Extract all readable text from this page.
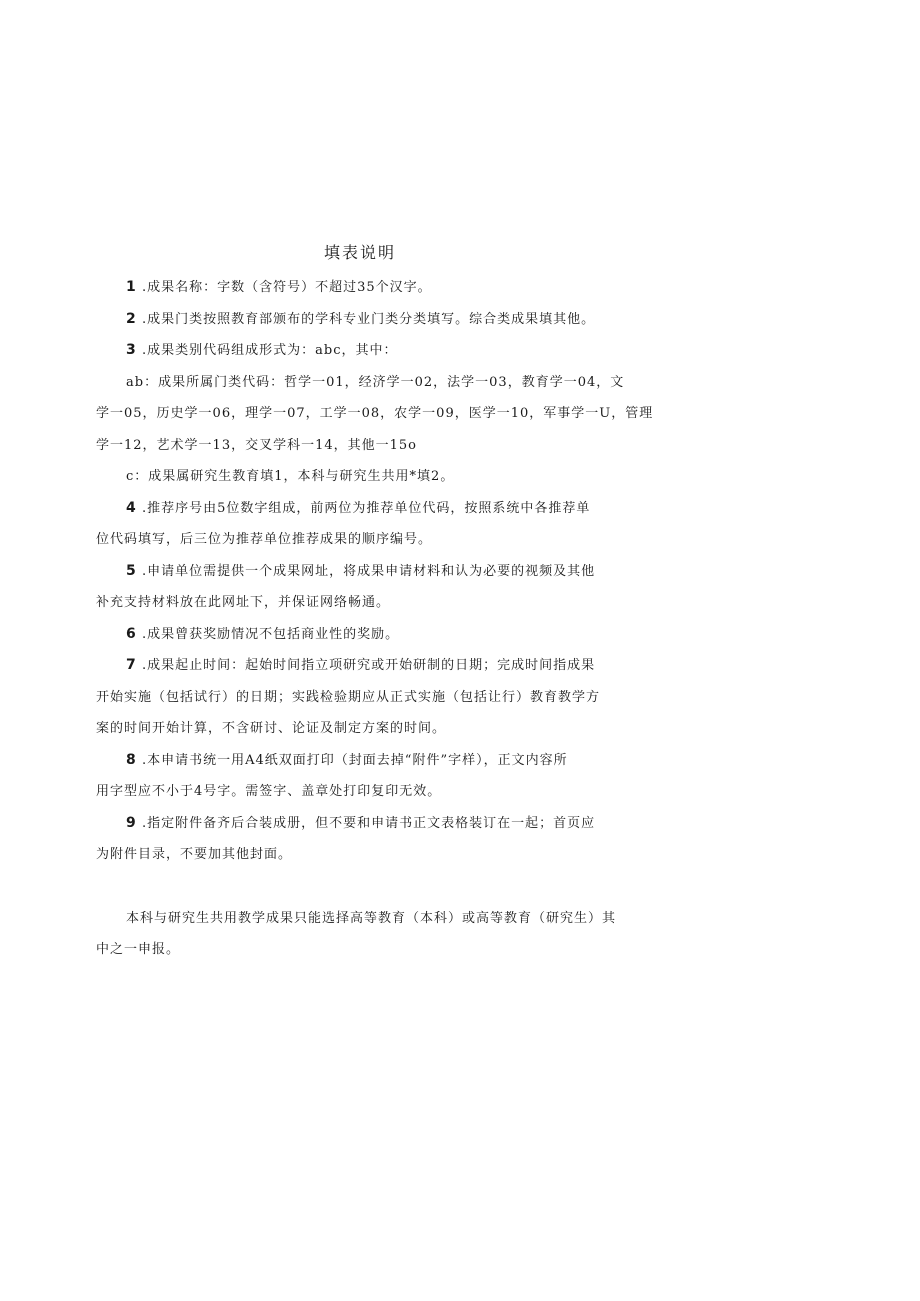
填表说明
1 .成果名称：字数（含符号）不超过35个汉字。
2 .成果门类按照教育部颁布的学科专业门类分类填写。综合类成果填其他。
3 .成果类别代码组成形式为：abc，其中：
ab：成果所属门类代码：哲学一01，经济学一02，法学一03，教育学一04，文
学一05，历史学一06，理学一07，工学一08，农学一09，医学一10，军事学一U，管理
学一12，艺术学一13，交叉学科一14，其他一15o
c：成果属研究生教育填1，本科与研究生共用*填2。
4 .推荐序号由5位数字组成，前两位为推荐单位代码，按照系统中各推荐单
位代码填写，后三位为推荐单位推荐成果的顺序编号。
5 .申请单位需提供一个成果网址，将成果申请材料和认为必要的视频及其他
补充支持材料放在此网址下，并保证网络畅通。
6 .成果曾获奖励情况不包括商业性的奖励。
7 .成果起止时间：起始时间指立项研究或开始研制的日期；完成时间指成果
开始实施（包括试行）的日期；实践检验期应从正式实施（包括让行）教育教学方
案的时间开始计算，不含研讨、论证及制定方案的时间。
8 .本申请书统一用A4纸双面打印（封面去掉“附件”字样），正文内容所
用字型应不小于4号字。需签字、盖章处打印复印无效。
9 .指定附件备齐后合装成册，但不要和申请书正文表格装订在一起；首页应
为附件目录，不要加其他封面。
本科与研究生共用教学成果只能选择高等教育（本科）或高等教育（研究生）其
中之一申报。
